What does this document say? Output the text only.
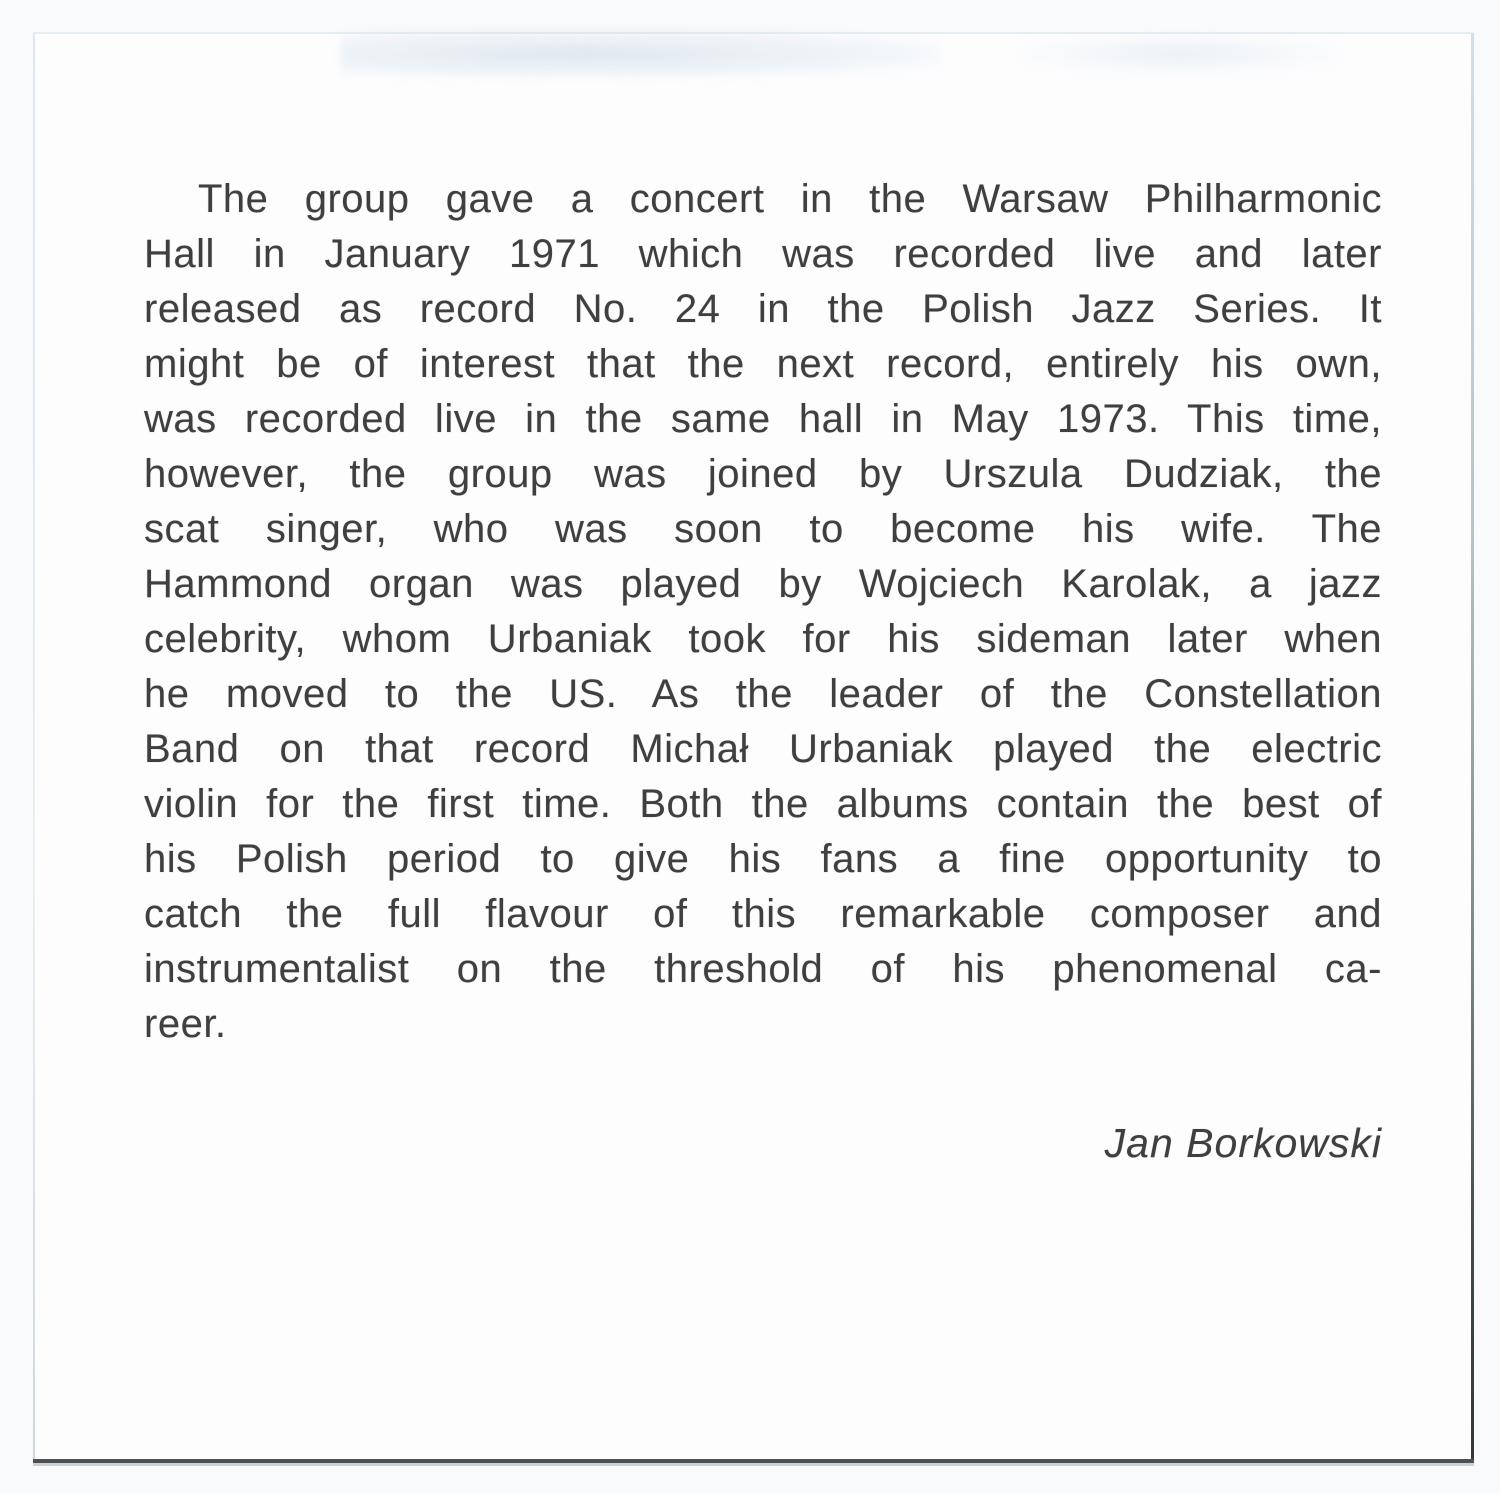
The group gave a concert in the Warsaw Philharmonic
Hall in January 1971 which was recorded live and later
released as record No. 24 in the Polish Jazz Series. It
might be of interest that the next record, entirely his own,
was recorded live in the same hall in May 1973. This time,
however, the group was joined by Urszula Dudziak, the
scat singer, who was soon to become his wife. The
Hammond organ was played by Wojciech Karolak, a jazz
celebrity, whom Urbaniak took for his sideman later when
he moved to the US. As the leader of the Constellation
Band on that record Michał Urbaniak played the electric
violin for the first time. Both the albums contain the best of
his Polish period to give his fans a fine opportunity to
catch the full flavour of this remarkable composer and
instrumentalist on the threshold of his phenomenal ca-
reer.
Jan Borkowski
